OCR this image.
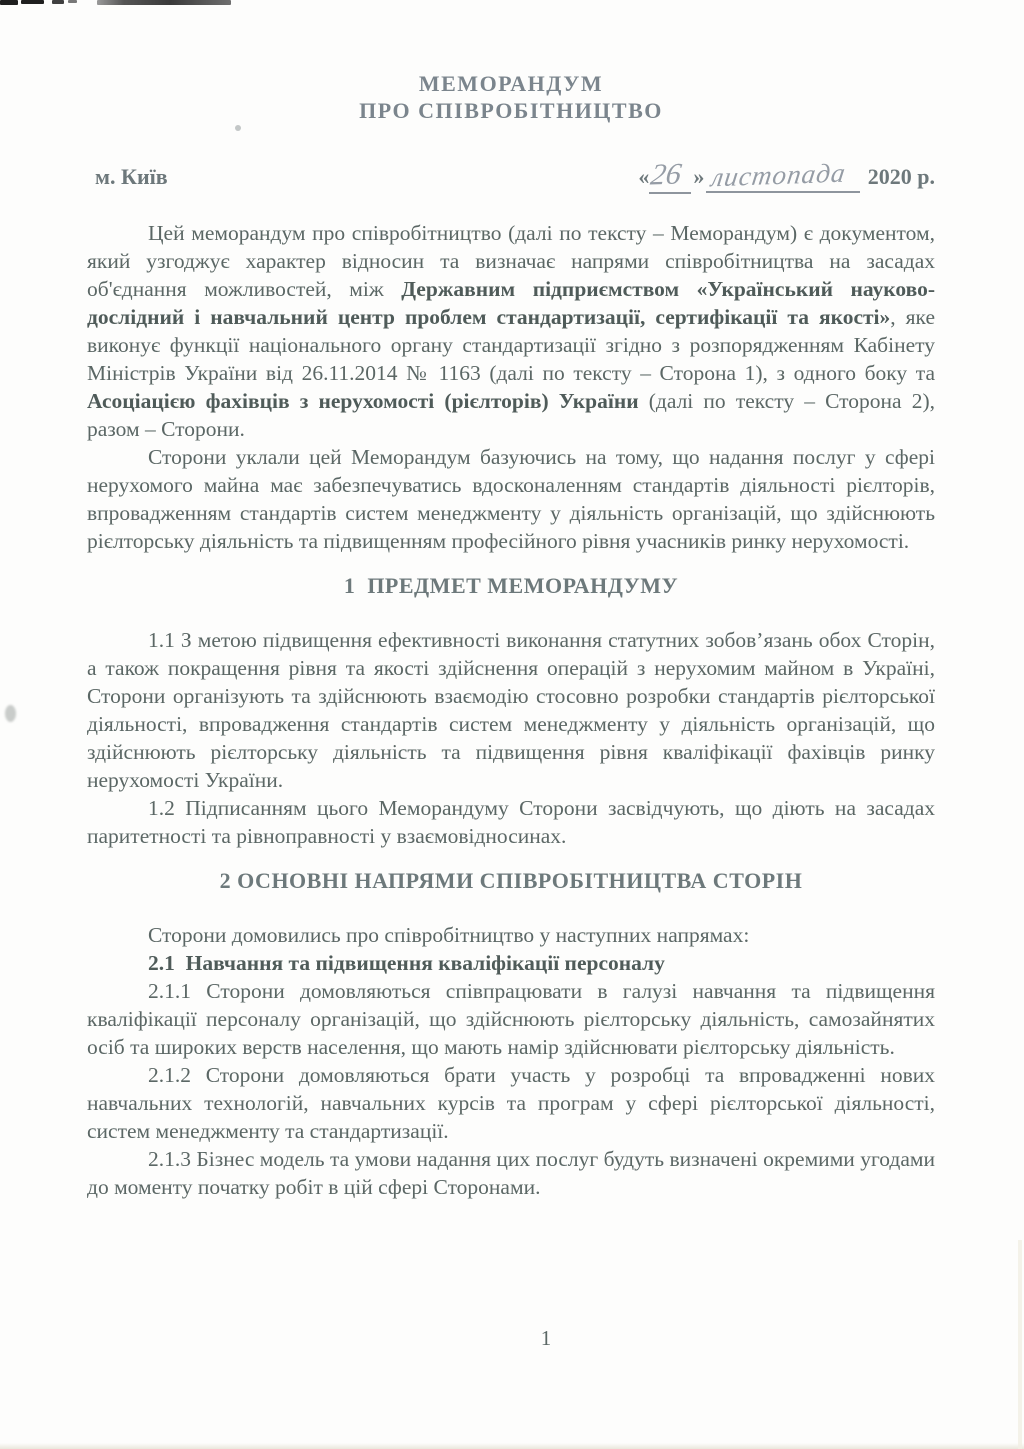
МЕМОРАНДУМ
ПРО СПІВРОБІТНИЦТВО
м. Київ	«26 » листопада 2020 р.

Цей меморандум про співробітництво (далі по тексту – Меморандум) є документом, який узгоджує характер відносин та визначає напрями співробітництва на засадах об'єднання можливостей, між Державним підприємством «Український науково-дослідний і навчальний центр проблем стандартизації, сертифікації та якості», яке виконує функції національного органу стандартизації згідно з розпорядженням Кабінету Міністрів України від 26.11.2014 № 1163 (далі по тексту – Сторона 1), з одного боку та Асоціацією фахівців з нерухомості (рієлторів) України (далі по тексту – Сторона 2), разом – Сторони.

Сторони уклали цей Меморандум базуючись на тому, що надання послуг у сфері нерухомого майна має забезпечуватись вдосконаленням стандартів діяльності рієлторів, впровадженням стандартів систем менеджменту у діяльність організацій, що здійснюють рієлторську діяльність та підвищенням професійного рівня учасників ринку нерухомості.

1  ПРЕДМЕТ МЕМОРАНДУМУ

1.1 З метою підвищення ефективності виконання статутних зобов’язань обох Сторін, а також покращення рівня та якості здійснення операцій з нерухомим майном в Україні, Сторони організують та здійснюють взаємодію стосовно розробки стандартів рієлторської діяльності, впровадження стандартів систем менеджменту у діяльність організацій, що здійснюють рієлторську діяльність та підвищення рівня кваліфікації фахівців ринку нерухомості України.

1.2 Підписанням цього Меморандуму Сторони засвідчують, що діють на засадах паритетності та рівноправності у взаємовідносинах.

2 ОСНОВНІ НАПРЯМИ СПІВРОБІТНИЦТВА СТОРІН

Сторони домовились про співробітництво у наступних напрямах:

2.1  Навчання та підвищення кваліфікації персоналу

2.1.1 Сторони домовляються співпрацювати в галузі навчання та підвищення кваліфікації персоналу організацій, що здійснюють рієлторську діяльність, самозайнятих осіб та широких верств населення, що мають намір здійснювати рієлторську діяльність.

2.1.2 Сторони домовляються брати участь у розробці та впровадженні нових навчальних технологій, навчальних курсів та програм у сфері рієлторської діяльності, систем менеджменту та стандартизації.

2.1.3 Бізнес модель та умови надання цих послуг будуть визначені окремими угодами до моменту початку робіт в цій сфері Сторонами.

1
